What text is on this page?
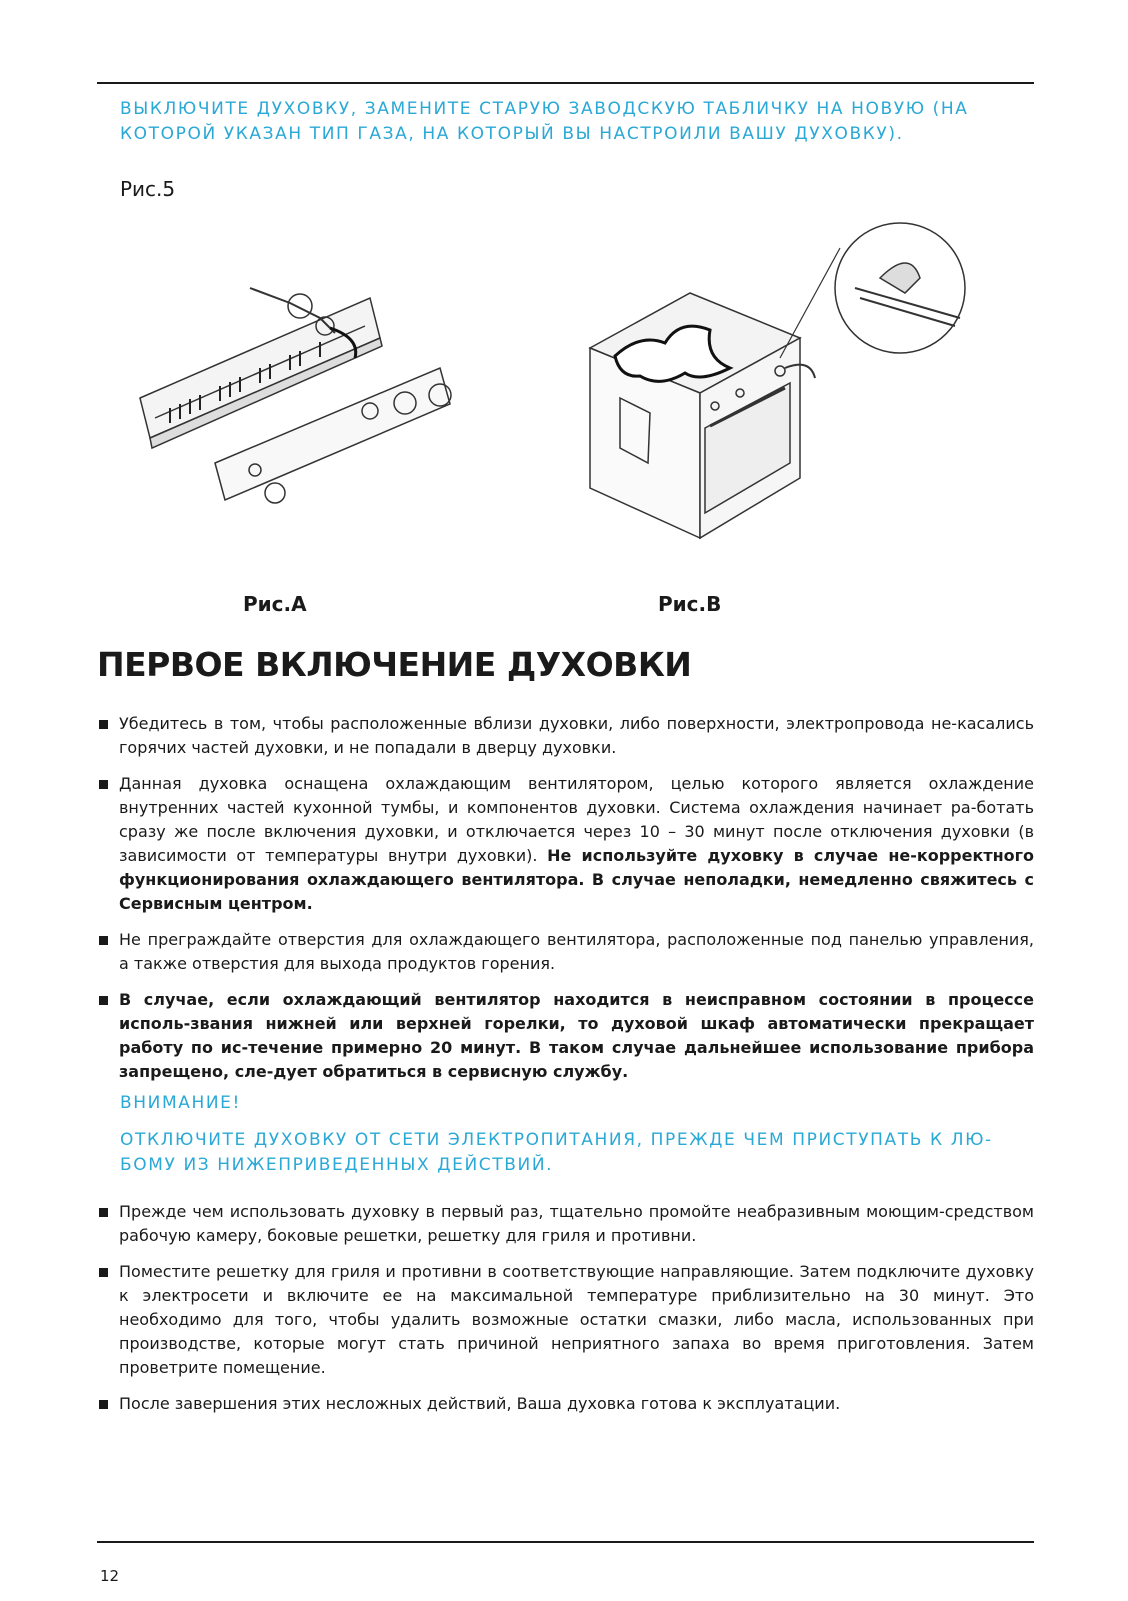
ВЫКЛЮЧИТЕ ДУХОВКУ, ЗАМЕНИТЕ СТАРУЮ ЗАВОДСКУЮ ТАБЛИЧКУ НА НОВУЮ (НА КОТОРОЙ УКАЗАН ТИП ГАЗА, НА КОТОРЫЙ ВЫ НАСТРОИЛИ ВАШУ ДУХОВКУ).
Рис.5
Рис.А	Рис.В
ПЕРВОЕ ВКЛЮЧЕНИЕ ДУХОВКИ
Убедитесь в том, чтобы расположенные вблизи духовки, либо поверхности, электропровода не-касались горячих частей духовки, и не попадали в дверцу духовки.
Данная духовка оснащена охлаждающим вентилятором, целью которого является охлаждение внутренних частей кухонной тумбы, и компонентов духовки. Система охлаждения начинает ра-ботать сразу же после включения духовки, и отключается через 10 – 30 минут после отключения духовки (в зависимости от температуры внутри духовки). Не используйте духовку в случае не-корректного функционирования охлаждающего вентилятора. В случае неполадки, немедленно свяжитесь с Сервисным центром.
Не преграждайте отверстия для охлаждающего вентилятора, расположенные под панелью управления, а также отверстия для выхода продуктов горения.
В случае, если охлаждающий вентилятор находится в неисправном состоянии в процессе исполь-звания нижней или верхней горелки, то духовой шкаф автоматически прекращает работу по ис-течение примерно 20 минут. В таком случае дальнейшее использование прибора запрещено, сле-дует обратиться в сервисную службу.
ВНИМАНИЕ!
ОТКЛЮЧИТЕ ДУХОВКУ ОТ СЕТИ ЭЛЕКТРОПИТАНИЯ, ПРЕЖДЕ ЧЕМ ПРИСТУПАТЬ К ЛЮ-БОМУ ИЗ НИЖЕПРИВЕДЕННЫХ ДЕЙСТВИЙ.
Прежде чем использовать духовку в первый раз, тщательно промойте неабразивным моющим-средством рабочую камеру, боковые решетки, решетку для гриля и противни.
Поместите решетку для гриля и противни в соответствующие направляющие. Затем подключите духовку к электросети и включите ее на максимальной температуре приблизительно на 30 минут. Это необходимо для того, чтобы удалить возможные остатки смазки, либо масла, использованных при производстве, которые могут стать причиной неприятного запаха во время приготовления. Затем проветрите помещение.
После завершения этих несложных действий, Ваша духовка готова к эксплуатации.
12
